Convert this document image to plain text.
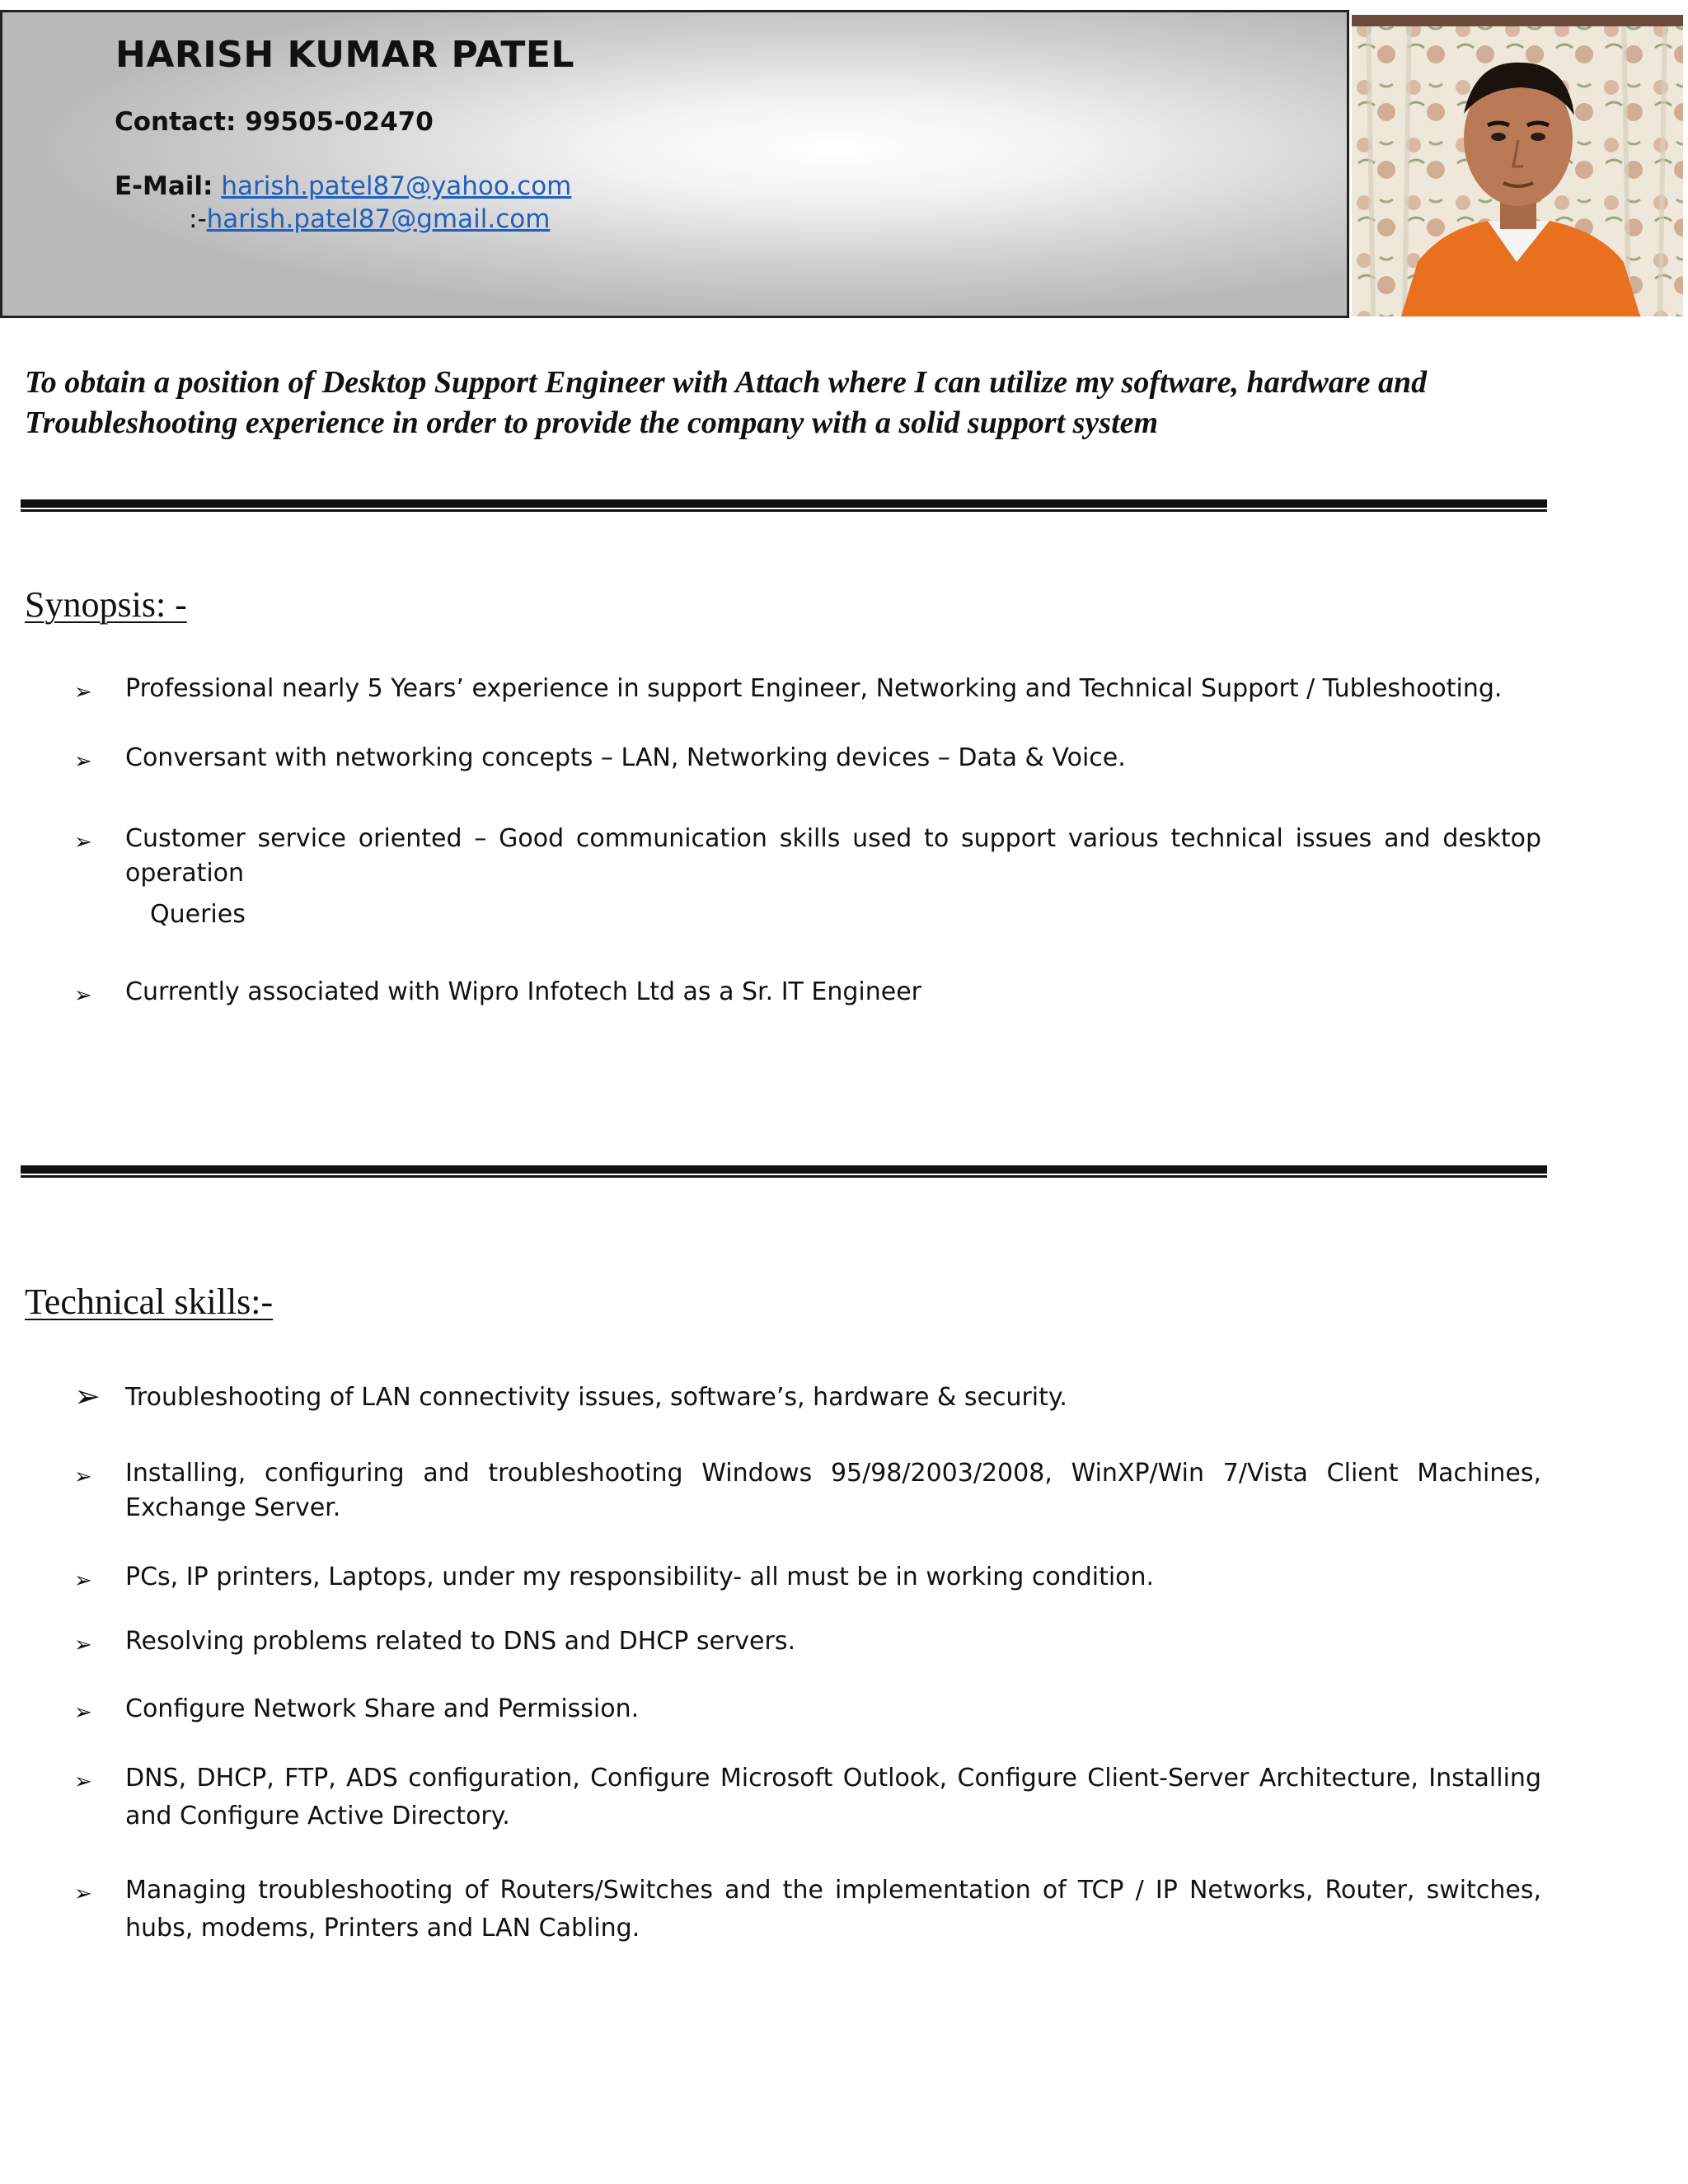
HARISH KUMAR PATEL
Contact: 99505-02470
E-Mail: harish.patel87@yahoo.com
:-harish.patel87@gmail.com
To obtain a position of Desktop Support Engineer with Attach where I can utilize my software, hardware and Troubleshooting experience in order to provide the company with a solid support system
Synopsis: -
➢ Professional nearly 5 Years’ experience in support Engineer, Networking and Technical Support / Tubleshooting.
➢ Conversant with networking concepts – LAN, Networking devices – Data & Voice.
➢ Customer service oriented – Good communication skills used to support various technical issues and desktop operation
Queries
➢ Currently associated with Wipro Infotech Ltd as a Sr. IT Engineer
Technical skills:-
➢ Troubleshooting of LAN connectivity issues, software’s, hardware & security.
➢ Installing, configuring and troubleshooting Windows 95/98/2003/2008, WinXP/Win 7/Vista Client Machines, Exchange Server.
➢ PCs, IP printers, Laptops, under my responsibility- all must be in working condition.
➢ Resolving problems related to DNS and DHCP servers.
➢ Configure Network Share and Permission.
➢ DNS, DHCP, FTP, ADS configuration, Configure Microsoft Outlook, Configure Client-Server Architecture, Installing and Configure Active Directory.
➢ Managing troubleshooting of Routers/Switches and the implementation of TCP / IP Networks, Router, switches, hubs, modems, Printers and LAN Cabling.
